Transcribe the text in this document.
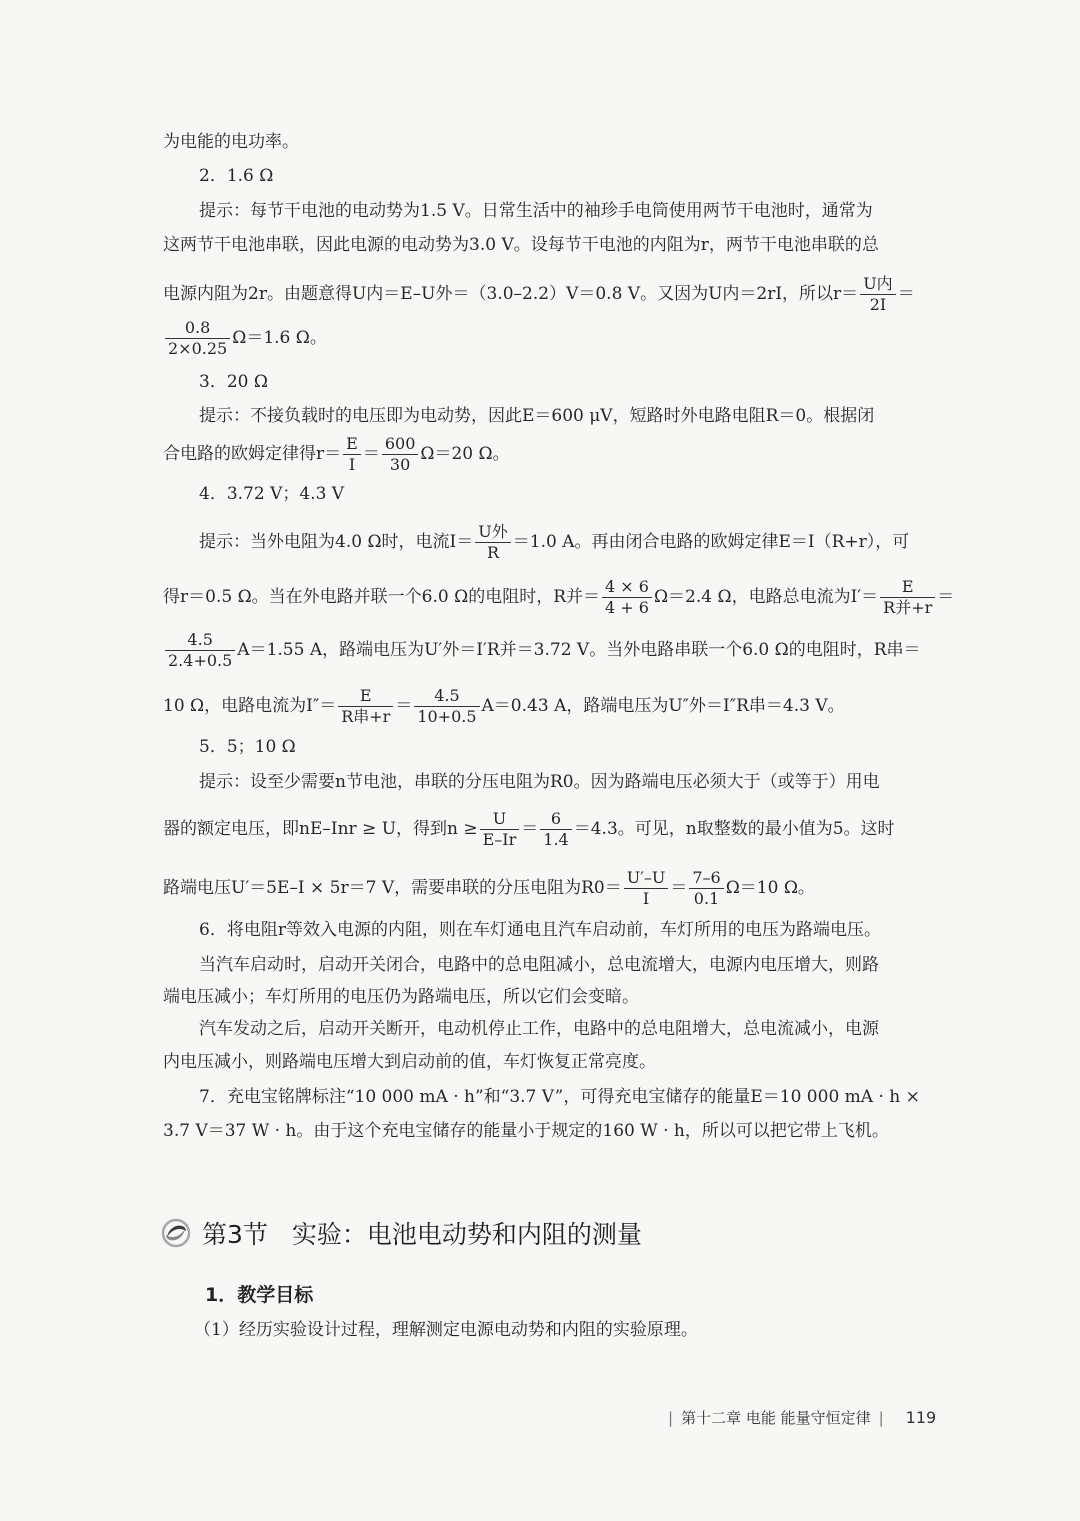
为电能的电功率。
2．1.6 Ω
提示：每节干电池的电动势为1.5 V。日常生活中的袖珍手电筒使用两节干电池时，通常为
这两节干电池串联，因此电源的电动势为3.0 V。设每节干电池的内阻为r，两节干电池串联的总
电源内阻为2r。由题意得U内＝E–U外＝（3.0–2.2）V＝0.8 V。又因为U内＝2rI，所以r＝
U内
2I
＝
$\frac{0.8}{2\times 0.25} \Omega=1.6$ Ω。
3．20 Ω
提示：不接负载时的电压即为电动势，因此E＝600 μV，短路时外电路电阻R＝0。根据闭
合电路的欧姆定律得$r= \frac{E}{I} = \frac{600}{30} \Omega=20$ Ω。
4．3.72 V；4.3 V
提示：当外电阻为4.0 Ω时，电流I＝
U外
R
＝1.0 A。再由闭合电路的欧姆定律E＝I（R+r），可
得r＝0.5 Ω。当在外电路并联一个6.0 Ω的电阻时，R并＝ $\frac{4 \times 6}{4 + 6} \Omega=2.4$ Ω，电路总电流为I′＝
E
R并+r
＝
$\frac{4.5}{2.4+0.5} A=1.55$ A，路端电压为U′外＝I′R并＝3.72 V。当外电路串联一个6.0 Ω的电阻时，R串＝
10 Ω，电路电流为I″＝
E
R串+r
＝ $\frac{4.5}{10+0.5} A=0.43$ A，路端电压为U″外＝I″R串＝4.3 V。
5．5；10 Ω
提示：设至少需要n节电池，串联的分压电阻为R0。因为路端电压必须大于（或等于）用电
器的额定电压，即nE–Inr ≥ U，得到$n \ge \frac{U}{E-Ir} = \frac{6}{1.4} =4.3$。可见，n取整数的最小值为5。这时
路端电压U′＝5E–I × 5r＝7 V，需要串联的分压电阻为$R0= \frac{U'-U}{I} = \frac{7-6}{0.1} \Omega=10$ Ω。
6．将电阻r等效入电源的内阻，则在车灯通电且汽车启动前，车灯所用的电压为路端电压。
当汽车启动时，启动开关闭合，电路中的总电阻减小，总电流增大，电源内电压增大，则路
端电压减小；车灯所用的电压仍为路端电压，所以它们会变暗。
汽车发动之后，启动开关断开，电动机停止工作，电路中的总电阻增大，总电流减小，电源
内电压减小，则路端电压增大到启动前的值，车灯恢复正常亮度。
7．充电宝铭牌标注“10 000 mA · h”和“3.7 V”，可得充电宝储存的能量E＝10 000 mA · h ×
3.7 V＝37 W · h。由于这个充电宝储存的能量小于规定的160 W · h，所以可以把它带上飞机。
第3节 实验：电池电动势和内阻的测量
1．教学目标
（1）经历实验设计过程，理解测定电源电动势和内阻的实验原理。
| 第十二章 电能 能量守恒定律 | 119
